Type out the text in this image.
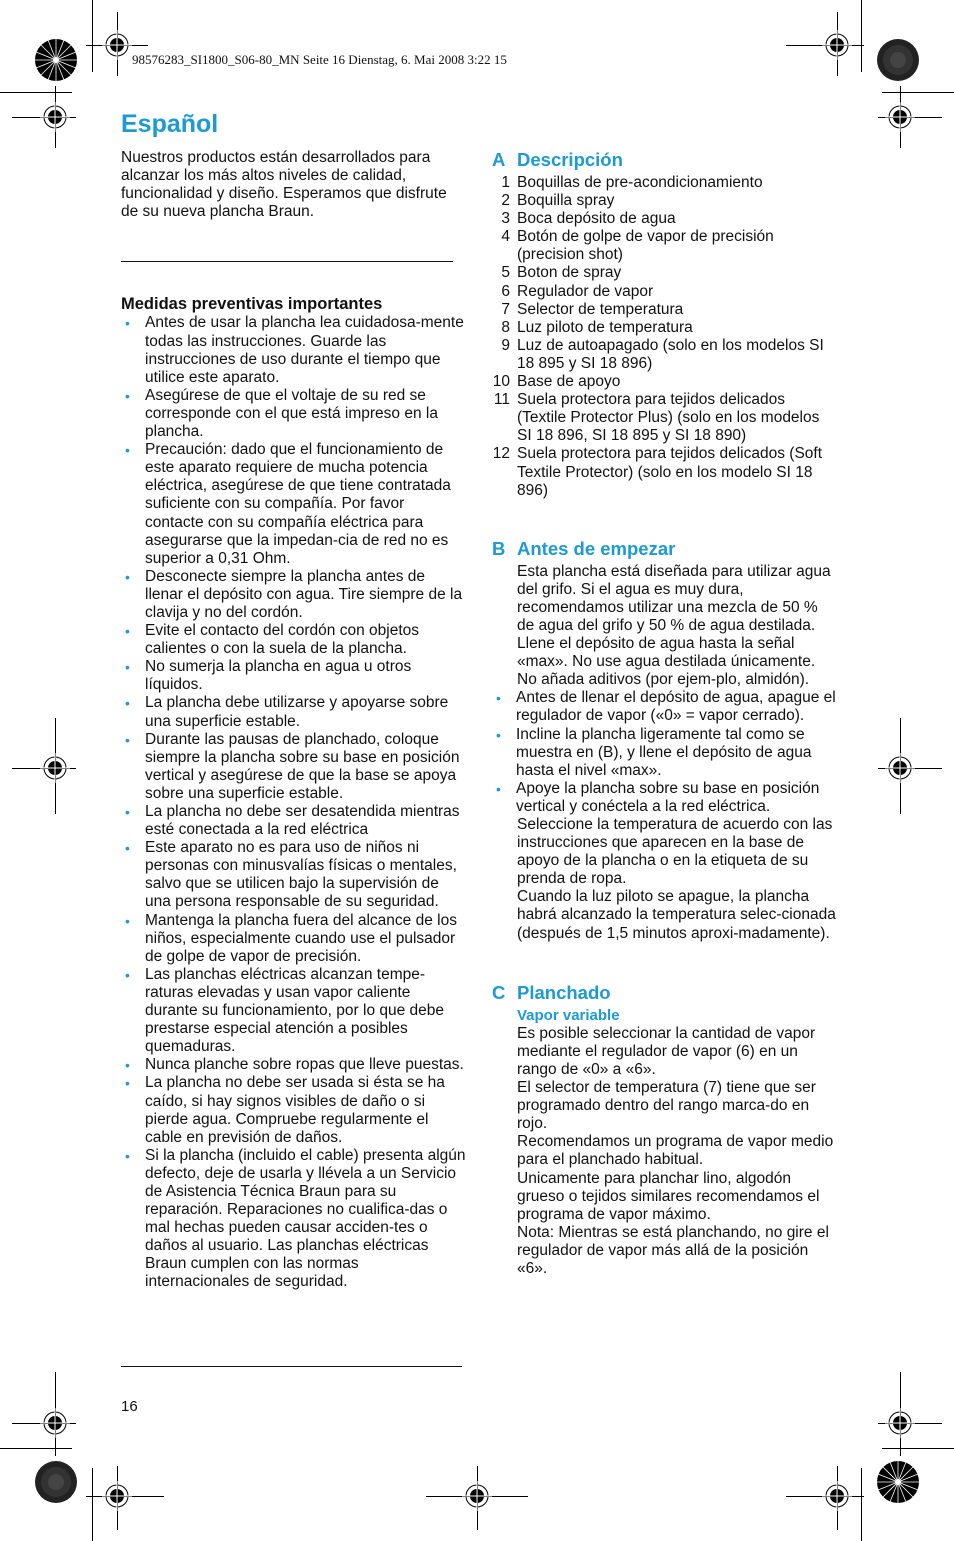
98576283_SI1800_S06-80_MN Seite 16 Dienstag, 6. Mai 2008 3:22 15
Español

Nuestros productos están desarrollados para alcanzar los más altos niveles de calidad, funcionalidad y diseño. Esperamos que disfrute de su nueva plancha Braun.

Medidas preventivas importantes
• Antes de usar la plancha lea cuidadosa-mente todas las instrucciones. Guarde las instrucciones de uso durante el tiempo que utilice este aparato.
• Asegúrese de que el voltaje de su red se corresponde con el que está impreso en la plancha.
• Precaución: dado que el funcionamiento de este aparato requiere de mucha potencia eléctrica, asegúrese de que tiene contratada suficiente con su compañía. Por favor contacte con su compañía eléctrica para asegurarse que la impedan-cia de red no es superior a 0,31 Ohm.
• Desconecte siempre la plancha antes de llenar el depósito con agua. Tire siempre de la clavija y no del cordón.
• Evite el contacto del cordón con objetos calientes o con la suela de la plancha.
• No sumerja la plancha en agua u otros líquidos.
• La plancha debe utilizarse y apoyarse sobre una superficie estable.
• Durante las pausas de planchado, coloque siempre la plancha sobre su base en posición vertical y asegúrese de que la base se apoya sobre una superficie estable.
• La plancha no debe ser desatendida mientras esté conectada a la red eléctrica
• Este aparato no es para uso de niños ni personas con minusvalías físicas o mentales, salvo que se utilicen bajo la supervisión de una persona responsable de su seguridad.
• Mantenga la plancha fuera del alcance de los niños, especialmente cuando use el pulsador de golpe de vapor de precisión.
• Las planchas eléctricas alcanzan tempe-raturas elevadas y usan vapor caliente durante su funcionamiento, por lo que debe prestarse especial atención a posibles quemaduras.
• Nunca planche sobre ropas que lleve puestas.
• La plancha no debe ser usada si ésta se ha caído, si hay signos visibles de daño o si pierde agua. Compruebe regularmente el cable en previsión de daños.
• Si la plancha (incluido el cable) presenta algún defecto, deje de usarla y llévela a un Servicio de Asistencia Técnica Braun para su reparación. Reparaciones no cualifica-das o mal hechas pueden causar acciden-tes o daños al usuario. Las planchas eléctricas Braun cumplen con las normas internacionales de seguridad.
16
A Descripción
1 Boquillas de pre-acondicionamiento
2 Boquilla spray
3 Boca depósito de agua
4 Botón de golpe de vapor de precisión (precision shot)
5 Boton de spray
6 Regulador de vapor
7 Selector de temperatura
8 Luz piloto de temperatura
9 Luz de autoapagado (solo en los modelos SI 18 895 y SI 18 896)
10 Base de apoyo
11 Suela protectora para tejidos delicados (Textile Protector Plus) (solo en los modelos SI 18 896, SI 18 895 y SI 18 890)
12 Suela protectora para tejidos delicados (Soft Textile Protector) (solo en los modelo SI 18 896)
B Antes de empezar

Esta plancha está diseñada para utilizar agua del grifo. Si el agua es muy dura, recomendamos utilizar una mezcla de 50 % de agua del grifo y 50 % de agua destilada. Llene el depósito de agua hasta la señal «max». No use agua destilada únicamente. No añada aditivos (por ejem-plo, almidón).

• Antes de llenar el depósito de agua, apague el regulador de vapor («0» = vapor cerrado).
• Incline la plancha ligeramente tal como se muestra en (B), y llene el depósito de agua hasta el nivel «max».
• Apoye la plancha sobre su base en posición vertical y conéctela a la red eléctrica.

Seleccione la temperatura de acuerdo con las instrucciones que aparecen en la base de apoyo de la plancha o en la etiqueta de su prenda de ropa.

Cuando la luz piloto se apague, la plancha habrá alcanzado la temperatura selec-cionada (después de 1,5 minutos aproxi-madamente).

C Planchado
Vapor variable

Es posible seleccionar la cantidad de vapor mediante el regulador de vapor (6) en un rango de «0» a «6».

El selector de temperatura (7) tiene que ser programado dentro del rango marca-do en rojo.

Recomendamos un programa de vapor medio para el planchado habitual.

Unicamente para planchar lino, algodón grueso o tejidos similares recomendamos el programa de vapor máximo.

Nota: Mientras se está planchando, no gire el regulador de vapor más allá de la posición «6».
